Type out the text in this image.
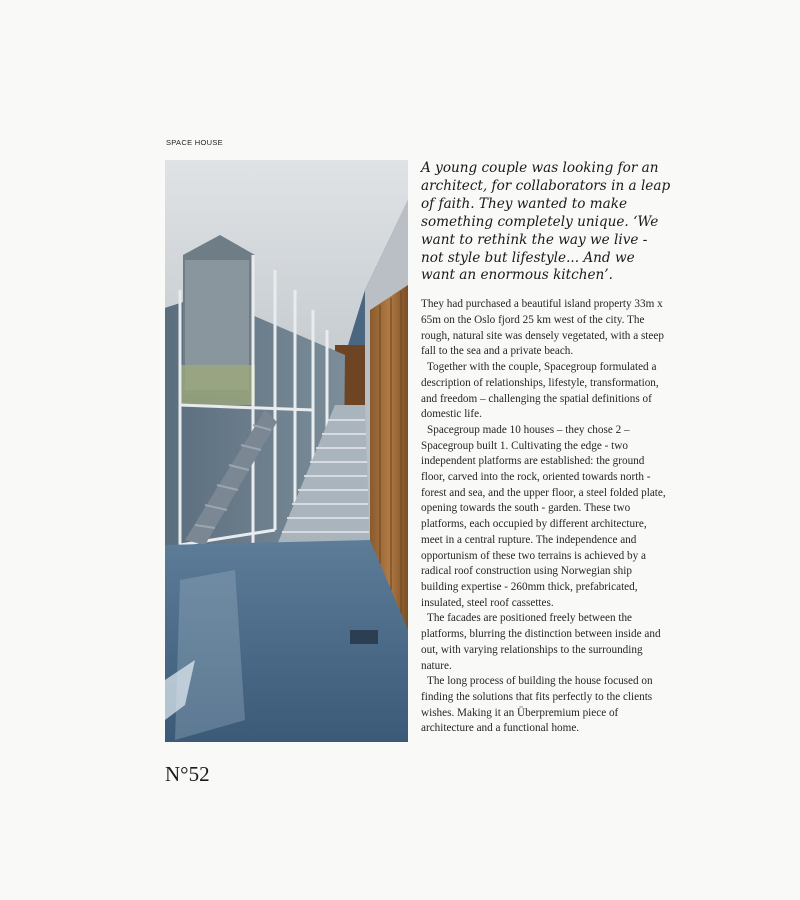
SPACE HOUSE

A young couple was looking for an architect, for collaborators in a leap of faith. They wanted to make something completely unique. ‘We want to rethink the way we live - not style but lifestyle... And we want an enormous kitchen’.

They had purchased a beautiful island property 33m x 65m on the Oslo fjord 25 km west of the city. The rough, natural site was densely vegetated, with a steep fall to the sea and a private beach.

Together with the couple, Spacegroup formulated a description of relationships, lifestyle, transformation, and freedom – challenging the spatial definitions of domestic life.

Spacegroup made 10 houses – they chose 2 – Spacegroup built 1. Cultivating the edge - two independent platforms are established: the ground floor, carved into the rock, oriented towards north - forest and sea, and the upper floor, a steel folded plate, opening towards the south - garden. These two platforms, each occupied by different architecture, meet in a central rupture. The independence and opportunism of these two terrains is achieved by a radical roof construction using Norwegian ship building expertise - 260mm thick, prefabricated, insulated, steel roof cassettes.

The facades are positioned freely between the platforms, blurring the distinction between inside and out, with varying relationships to the surrounding nature.

The long process of building the house focused on finding the solutions that fits perfectly to the clients wishes. Making it an Überpremium piece of architecture and a functional home.

N°52
